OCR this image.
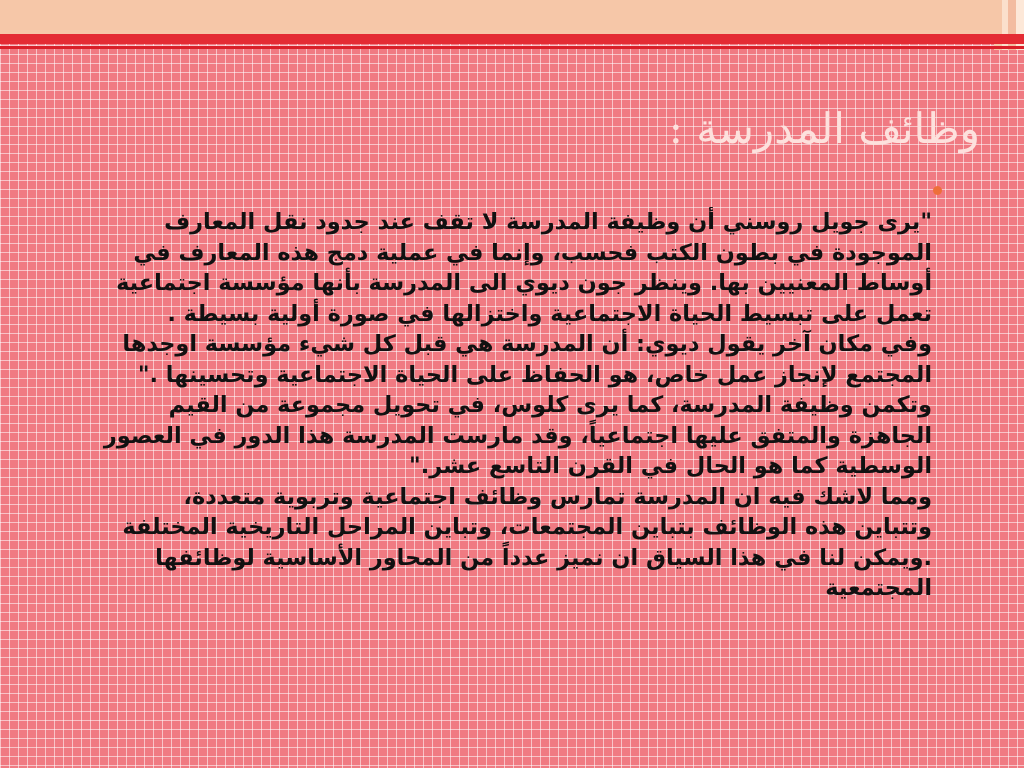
وظائف المدرسة :

"يرى جويل روسني أن وظيفة المدرسة لا تقف عند جدود نقل المعارف الموجودة في بطون الكتب فحسب، وإنما في عملية دمج هذه المعارف في أوساط المعنيين بها. وينظر جون ديوي الى المدرسة بأنها مؤسسة اجتماعية تعمل على تبسيط الحياة الاجتماعية واختزالها في صورة أولية بسيطة .

وفي مكان آخر يقول ديوي: أن المدرسة هي قبل كل شيء مؤسسة اوجدها المجتمع لإنجاز عمل خاص، هو الحفاظ على الحياة الاجتماعية وتحسينها ."

وتكمن وظيفة المدرسة، كما يرى كلوس، في تحويل مجموعة من القيم الجاهزة والمتفق عليها اجتماعياً، وقد مارست المدرسة هذا الدور في العصور الوسطية كما هو الحال في القرن التاسع عشر."

ومما لاشك فيه ان المدرسة تمارس وظائف اجتماعية وتربوية متعددة، وتتباين هذه الوظائف بتباين المجتمعات، وتباين المراحل التاريخية المختلفة .ويمكن لنا في هذا السياق ان نميز عدداً من المحاور الأساسية لوظائفها المجتمعية
